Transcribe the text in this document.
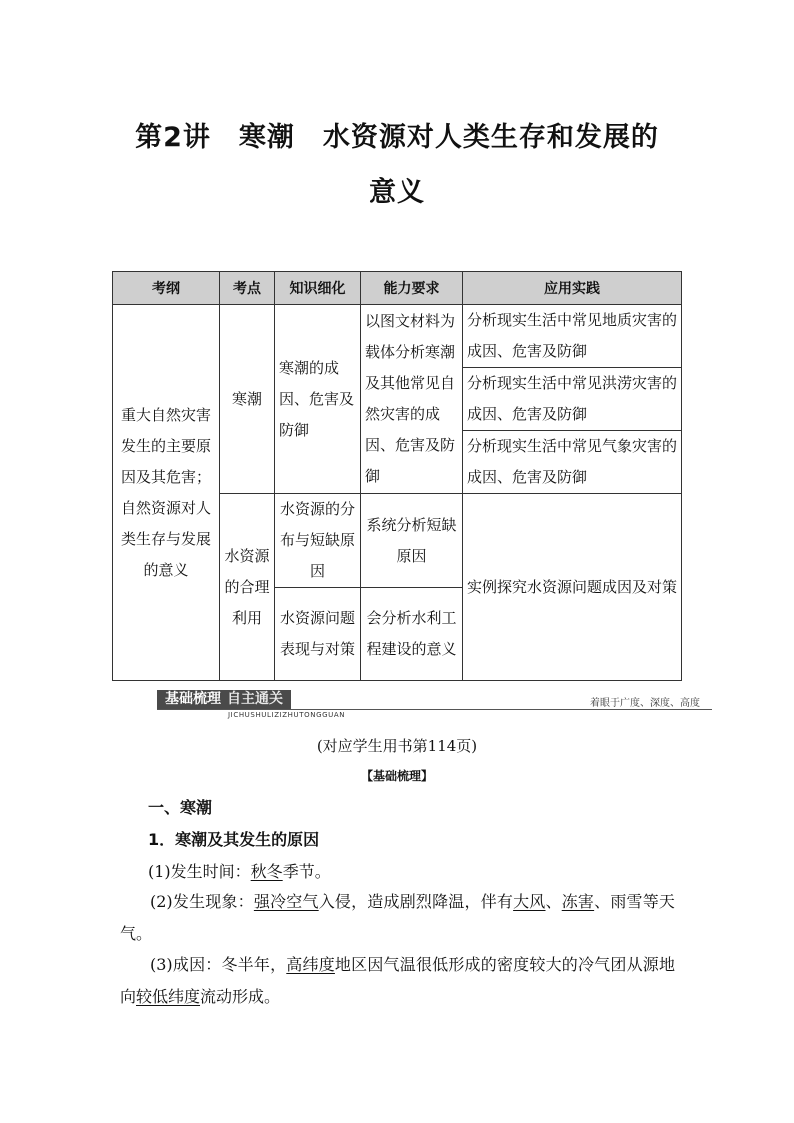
第2讲 寒潮 水资源对人类生存和发展的
意义
考纲	考点	知识细化	能力要求	应用实践
重大自然灾害发生的主要原因及其危害；自然资源对人类生存与发展的意义	寒潮	寒潮的成因、危害及防御	以图文材料为载体分析寒潮及其他常见自然灾害的成因、危害及防御	分析现实生活中常见地质灾害的成因、危害及防御
				分析现实生活中常见洪涝灾害的成因、危害及防御
				分析现实生活中常见气象灾害的成因、危害及防御
	水资源的合理利用	水资源的分布与短缺原因	系统分析短缺原因	实例探究水资源问题成因及对策
		水资源问题表现与对策	会分析水利工程建设的意义	
基础梳理 自主通关
JICHUSHULIZIZHUTONGGUAN
着眼于广度、深度、高度
(对应学生用书第114页)
【基础梳理】
一、寒潮
1．寒潮及其发生的原因
(1)发生时间：秋冬季节。
(2)发生现象：强冷空气入侵，造成剧烈降温，伴有大风、冻害、雨雪等天气。
(3)成因：冬半年，高纬度地区因气温很低形成的密度较大的冷气团从源地向较低纬度流动形成。
